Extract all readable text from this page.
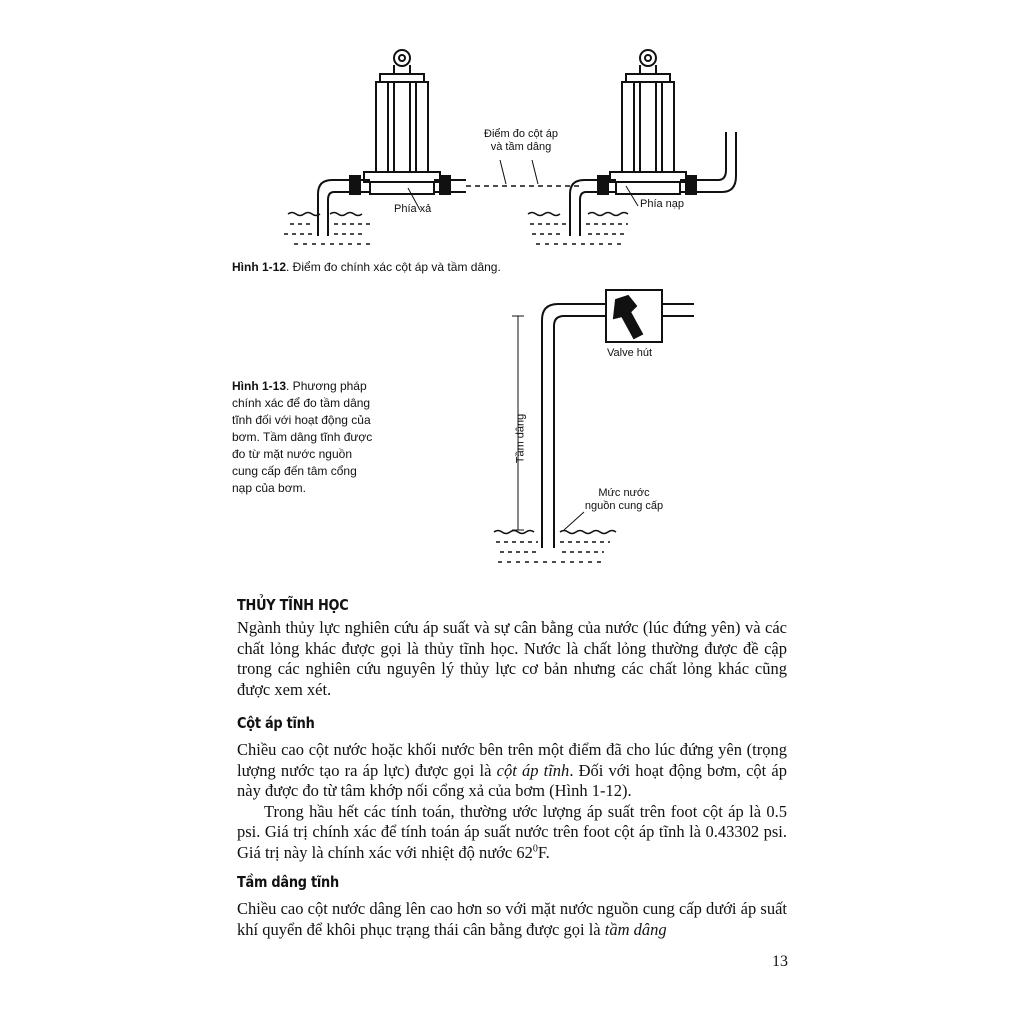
Điểm đo cột áp
và tầm dâng
Phía xả	Phía nạp
Hình 1-12. Điểm đo chính xác cột áp và tầm dâng.
Valve hút
Tầm dâng
Mức nước
nguồn cung cấp
Hình 1-13. Phương pháp
chính xác để đo tầm dâng
tĩnh đối với hoạt động của
bơm. Tầm dâng tĩnh được
đo từ mặt nước nguồn
cung cấp đến tâm cổng
nạp của bơm.
THỦY TĨNH HỌC

Ngành thủy lực nghiên cứu áp suất và sự cân bằng của nước (lúc đứng yên) và các chất lỏng khác được gọi là thủy tĩnh học. Nước là chất lỏng thường được đề cập trong các nghiên cứu nguyên lý thủy lực cơ bản nhưng các chất lỏng khác cũng được xem xét.

Cột áp tĩnh

Chiều cao cột nước hoặc khối nước bên trên một điểm đã cho lúc đứng yên (trọng lượng nước tạo ra áp lực) được gọi là cột áp tĩnh. Đối với hoạt động bơm, cột áp này được đo từ tâm khớp nối cổng xả của bơm (Hình 1-12).

Trong hầu hết các tính toán, thường ước lượng áp suất trên foot cột áp là 0.5 psi. Giá trị chính xác để tính toán áp suất nước trên foot cột áp tĩnh là 0.43302 psi. Giá trị này là chính xác với nhiệt độ nước $62^0F$.

Tầm dâng tĩnh

Chiều cao cột nước dâng lên cao hơn so với mặt nước nguồn cung cấp dưới áp suất khí quyển để khôi phục trạng thái cân bằng được gọi là tầm dâng

13
